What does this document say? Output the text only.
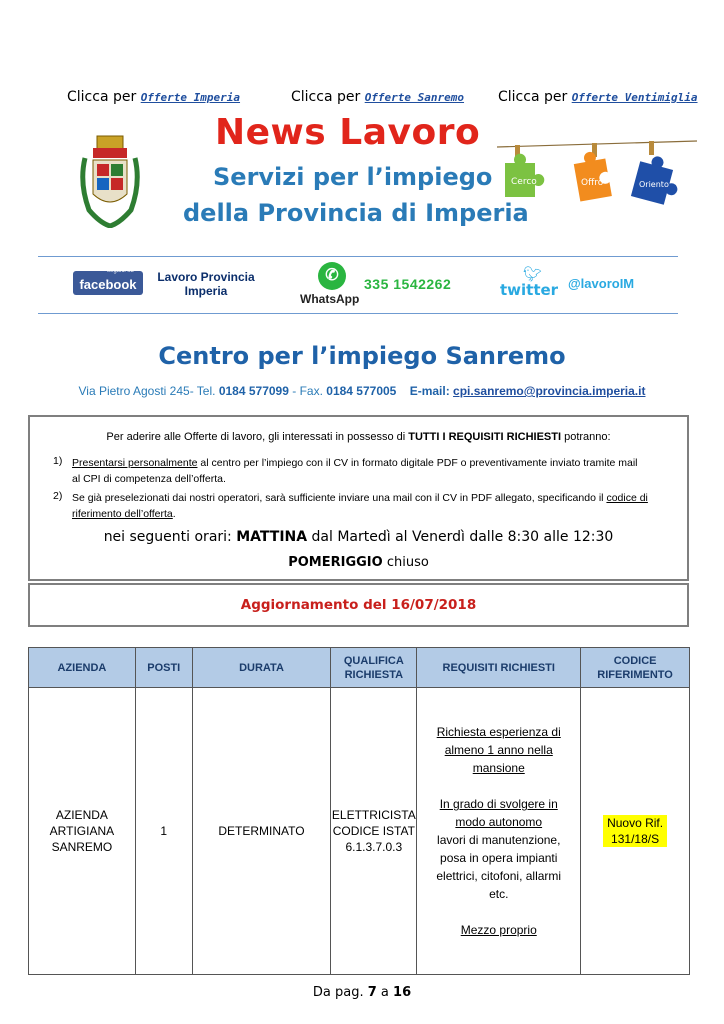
Clicca per Offerte Imperia	Clicca per Offerte Sanremo Clicca per Offerte Ventimiglia
News Lavoro
Servizi per l’impiego
della Provincia di Imperia
Cerco	Offro	Oriento
facebook
seguici su	Lavoro Provincia Imperia
✆
WhatsApp
335 1542262
🐦︎
twitter @lavoroIM
Centro per l’impiego Sanremo
Via Pietro Agosti 245- Tel. 0184 577099 - Fax. 0184 577005 E-mail: cpi.sanremo@provincia.imperia.it
Per aderire alle Offerte di lavoro, gli interessati in possesso di TUTTI I REQUISITI RICHIESTI potranno:
1) Presentarsi personalmente al centro per l’impiego con il CV in formato digitale PDF o preventivamente inviato tramite mail
al CPI di competenza dell’offerta.
2) Se già preselezionati dai nostri operatori, sarà sufficiente inviare una mail con il CV in PDF allegato, specificando il codice di
riferimento dell’offerta.
nei seguenti orari: MATTINA dal Martedì al Venerdì dalle 8:30 alle 12:30
POMERIGGIO chiuso
Aggiornamento del 16/07/2018
AZIENDA	POSTI	DURATA	QUALIFICA RICHIESTA	REQUISITI RICHIESTI	CODICE RIFERIMENTO

AZIENDA ARTIGIANA SANREMO	1	DETERMINATO	ELETTRICISTA CODICE ISTAT 6.1.3.7.0.3	Richiesta esperienza di almeno 1 anno nella mansione

In grado di svolgere in modo autonomo
lavori di manutenzione, posa in opera impianti elettrici, citofoni, allarmi etc.

Mezzo proprio	Nuovo Rif. 131/18/S
Da pag. 7 a 16
